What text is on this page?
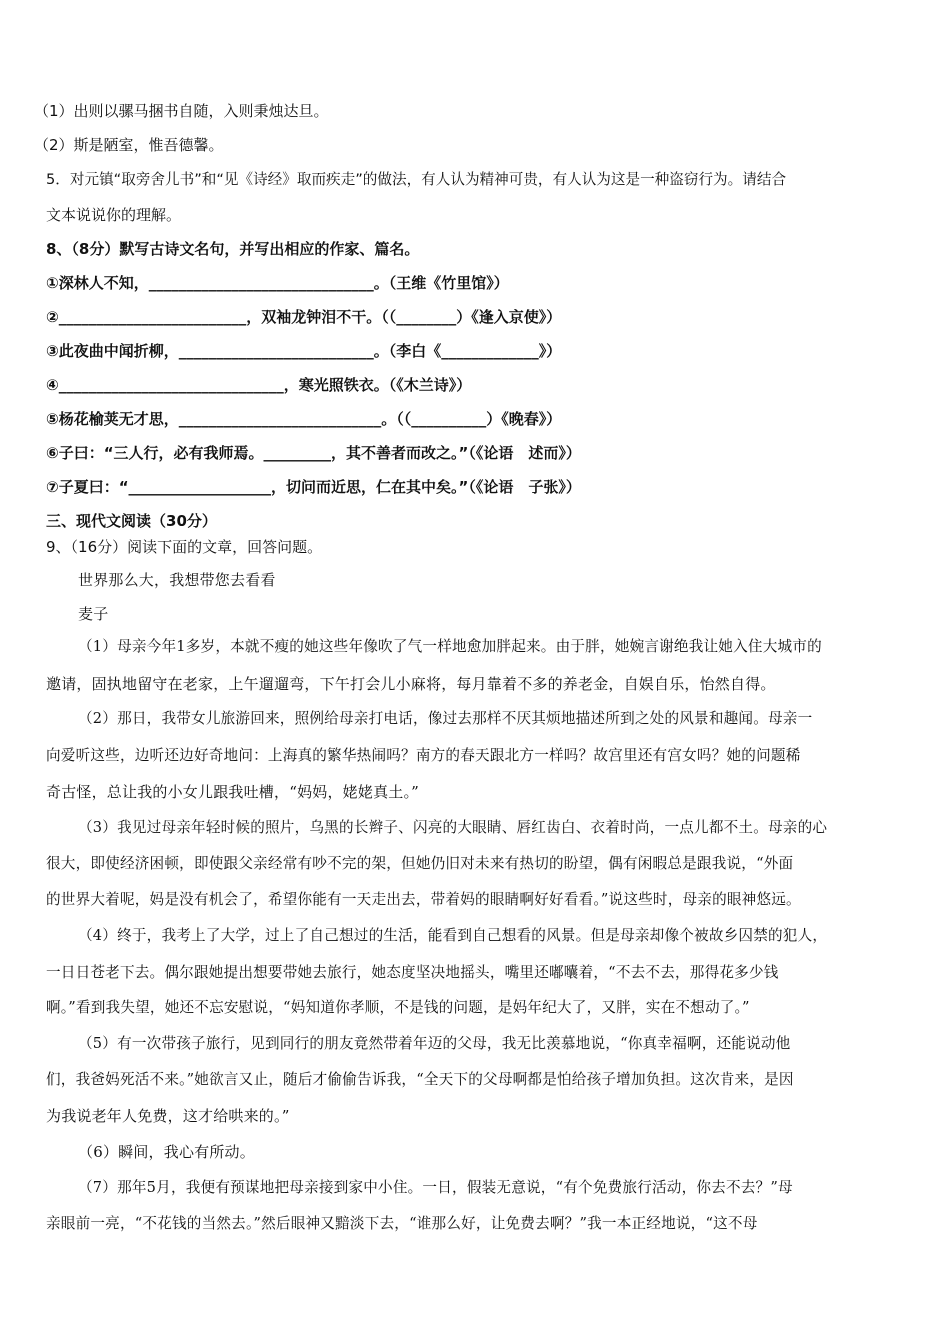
（1）出则以骡马捆书自随，入则秉烛达旦。
（2）斯是陋室，惟吾德馨。
5．对元镇“取旁舍儿书”和“见《诗经》取而疾走”的做法，有人认为精神可贵，有人认为这是一种盗窃行为。请结合
文本说说你的理解。
8、（8分）默写古诗文名句，并写出相应的作家、篇名。
①深林人不知，______________________________。（王维《竹里馆》）
②_________________________，双袖龙钟泪不干。（（________）《逢入京使》）
③此夜曲中闻折柳，__________________________。（李白《_____________》）
④______________________________，寒光照铁衣。（《木兰诗》）
⑤杨花榆荚无才思，___________________________。（（__________）《晚春》）
⑥子曰：“三人行，必有我师焉。_________，其不善者而改之。”（《论语　述而》）
⑦子夏曰：“___________________，切问而近思，仁在其中矣。”（《论语　子张》）
三、现代文阅读（30分）
9、（16分）阅读下面的文章，回答问题。
世界那么大，我想带您去看看
麦子
（1）母亲今年1多岁，本就不瘦的她这些年像吹了气一样地愈加胖起来。由于胖，她婉言谢绝我让她入住大城市的
邀请，固执地留守在老家，上午遛遛弯，下午打会儿小麻将，每月靠着不多的养老金，自娱自乐，怡然自得。
（2）那日，我带女儿旅游回来，照例给母亲打电话，像过去那样不厌其烦地描述所到之处的风景和趣闻。母亲一
向爱听这些，边听还边好奇地问：上海真的繁华热闹吗？南方的春天跟北方一样吗？故宫里还有宫女吗？她的问题稀
奇古怪，总让我的小女儿跟我吐槽，“妈妈，姥姥真土。”
（3）我见过母亲年轻时候的照片，乌黑的长辫子、闪亮的大眼睛、唇红齿白、衣着时尚，一点儿都不土。母亲的心
很大，即使经济困顿，即使跟父亲经常有吵不完的架，但她仍旧对未来有热切的盼望，偶有闲暇总是跟我说，“外面
的世界大着呢，妈是没有机会了，希望你能有一天走出去，带着妈的眼睛啊好好看看。”说这些时，母亲的眼神悠远。
（4）终于，我考上了大学，过上了自己想过的生活，能看到自己想看的风景。但是母亲却像个被故乡囚禁的犯人，
一日日苍老下去。偶尔跟她提出想要带她去旅行，她态度坚决地摇头，嘴里还嘟囔着，“不去不去，那得花多少钱
啊。”看到我失望，她还不忘安慰说，“妈知道你孝顺，不是钱的问题，是妈年纪大了，又胖，实在不想动了。”
（5）有一次带孩子旅行，见到同行的朋友竟然带着年迈的父母，我无比羡慕地说，“你真幸福啊，还能说动他
们，我爸妈死活不来。”她欲言又止，随后才偷偷告诉我，“全天下的父母啊都是怕给孩子增加负担。这次肯来，是因
为我说老年人免费，这才给哄来的。”
（6）瞬间，我心有所动。
（7）那年5月，我便有预谋地把母亲接到家中小住。一日，假装无意说，“有个免费旅行活动，你去不去？”母
亲眼前一亮，“不花钱的当然去。”然后眼神又黯淡下去，“谁那么好，让免费去啊？”我一本正经地说，“这不母
